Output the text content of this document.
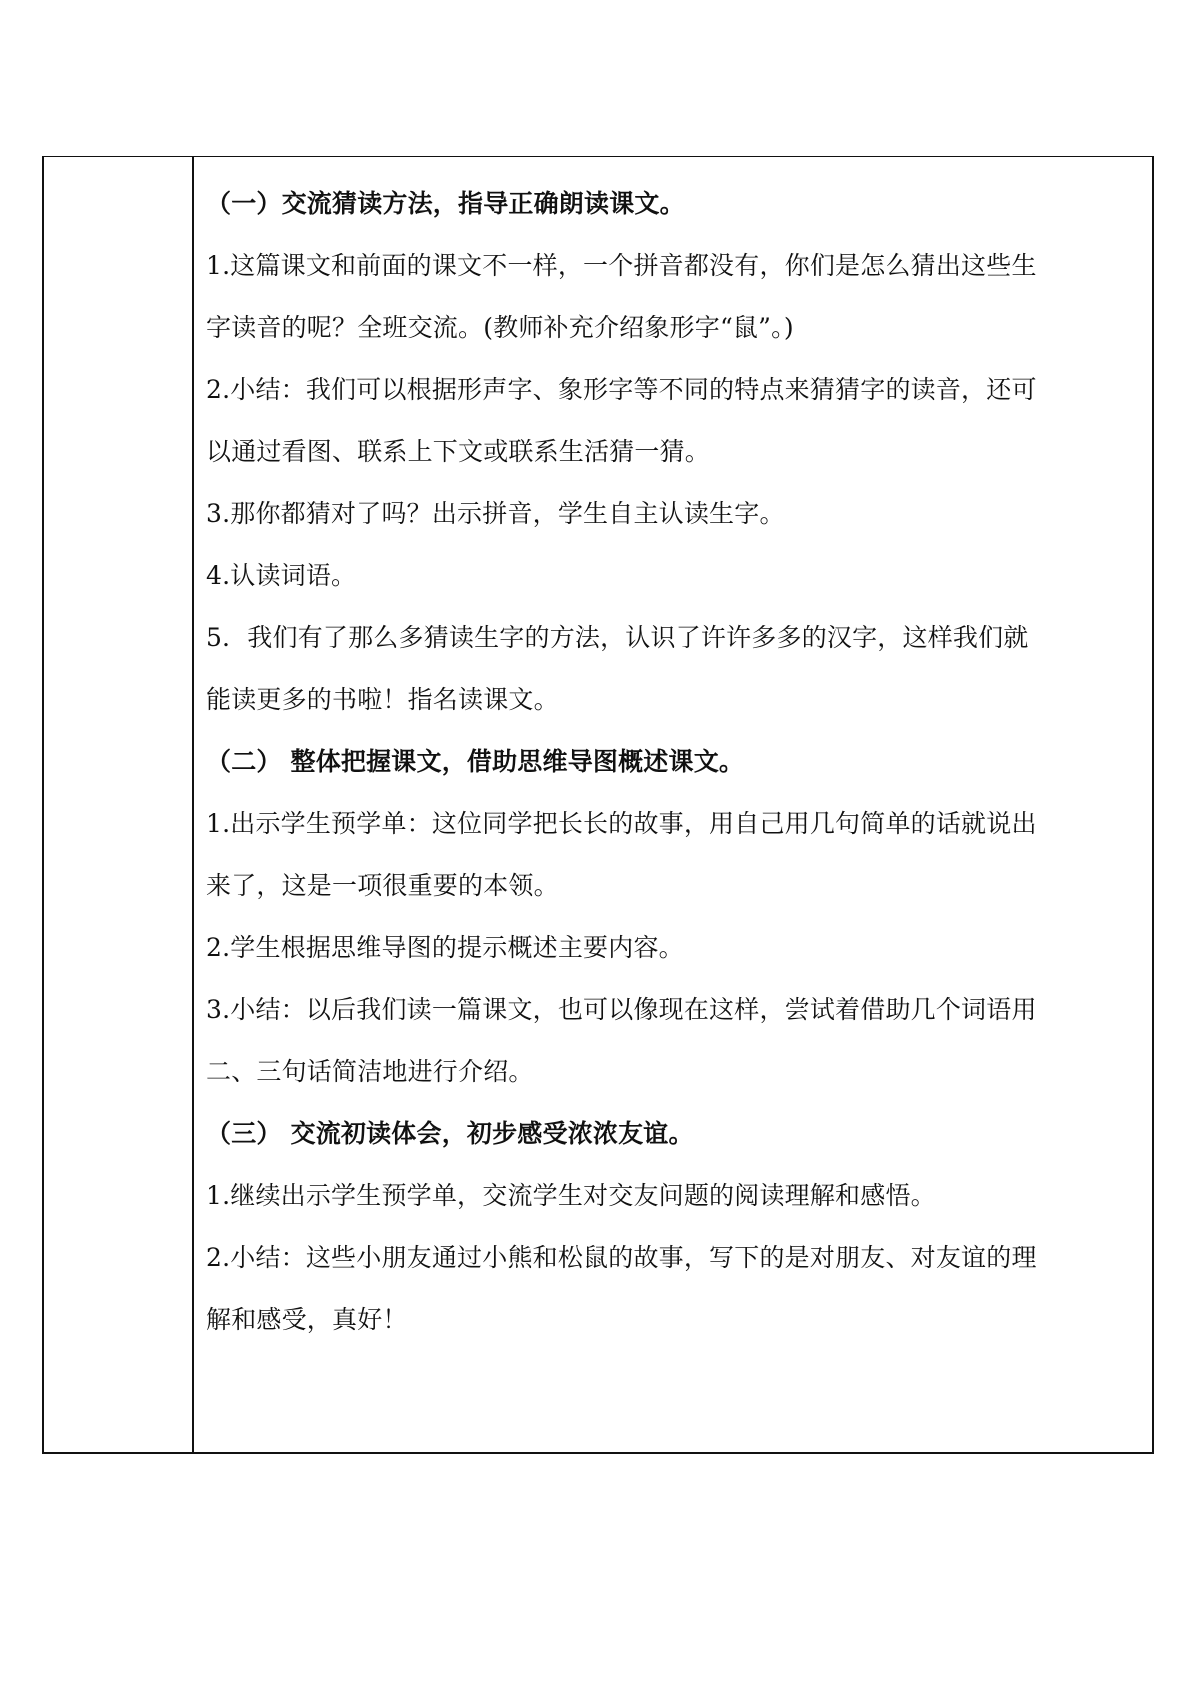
（一）交流猜读方法，指导正确朗读课文。
1.这篇课文和前面的课文不一样，一个拼音都没有，你们是怎么猜出这些生
字读音的呢？全班交流。(教师补充介绍象形字“鼠”。)
2.小结：我们可以根据形声字、象形字等不同的特点来猜猜字的读音，还可
以通过看图、联系上下文或联系生活猜一猜。
3.那你都猜对了吗？出示拼音，学生自主认读生字。
4.认读词语。
5．我们有了那么多猜读生字的方法，认识了许许多多的汉字，这样我们就
能读更多的书啦！指名读课文。
（二） 整体把握课文，借助思维导图概述课文。
1.出示学生预学单：这位同学把长长的故事，用自己用几句简单的话就说出
来了，这是一项很重要的本领。
2.学生根据思维导图的提示概述主要内容。
3.小结：以后我们读一篇课文，也可以像现在这样，尝试着借助几个词语用
二、三句话简洁地进行介绍。
（三） 交流初读体会，初步感受浓浓友谊。
1.继续出示学生预学单，交流学生对交友问题的阅读理解和感悟。
2.小结：这些小朋友通过小熊和松鼠的故事，写下的是对朋友、对友谊的理
解和感受，真好！
